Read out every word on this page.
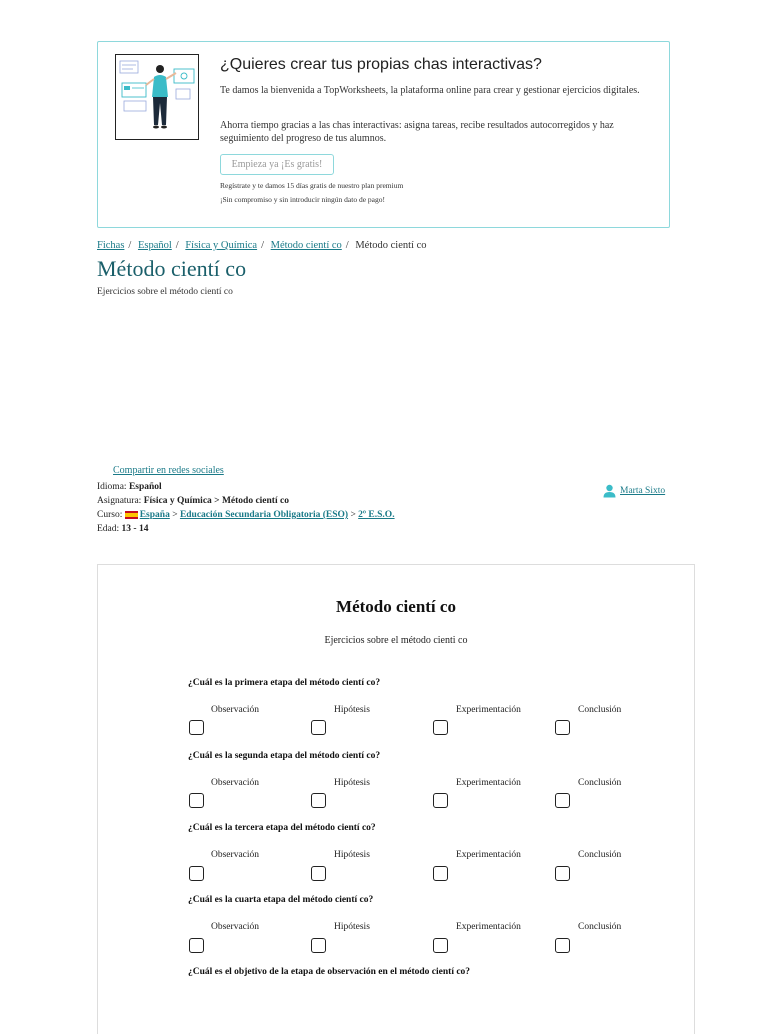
¿Quieres crear tus propias chas interactivas?
Te damos la bienvenida a TopWorksheets, la plataforma online para crear y gestionar ejercicios digitales.
Ahorra tiempo gracias a las chas interactivas: asigna tareas, recibe resultados autocorregidos y haz seguimiento del progreso de tus alumnos.
Empieza ya ¡Es gratis!
Regístrate y te damos 15 días gratis de nuestro plan premium
¡Sin compromiso y sin introducir ningún dato de pago!
Fichas / Español / Física y Química / Método cientí co / Método cientí co
Método cientí co
Ejercicios sobre el método cientí co
Compartir en redes sociales
Idioma: Español
Asignatura: Física y Química > Método cientí co
Curso: España > Educación Secundaria Obligatoria (ESO) > 2º E.S.O.
Edad: 13 - 14
Marta Sixto
Método cientí co
Ejercicios sobre el método cienti co
¿Cuál es la primera etapa del método cientí co?
Observación	Hipótesis	Experimentación	Conclusión
¿Cuál es la segunda etapa del método cientí co?
Observación	Hipótesis	Experimentación	Conclusión
¿Cuál es la tercera etapa del método cientí co?
Observación	Hipótesis	Experimentación	Conclusión
¿Cuál es la cuarta etapa del método cientí co?
Observación	Hipótesis	Experimentación	Conclusión
¿Cuál es el objetivo de la etapa de observación en el método cientí co?
